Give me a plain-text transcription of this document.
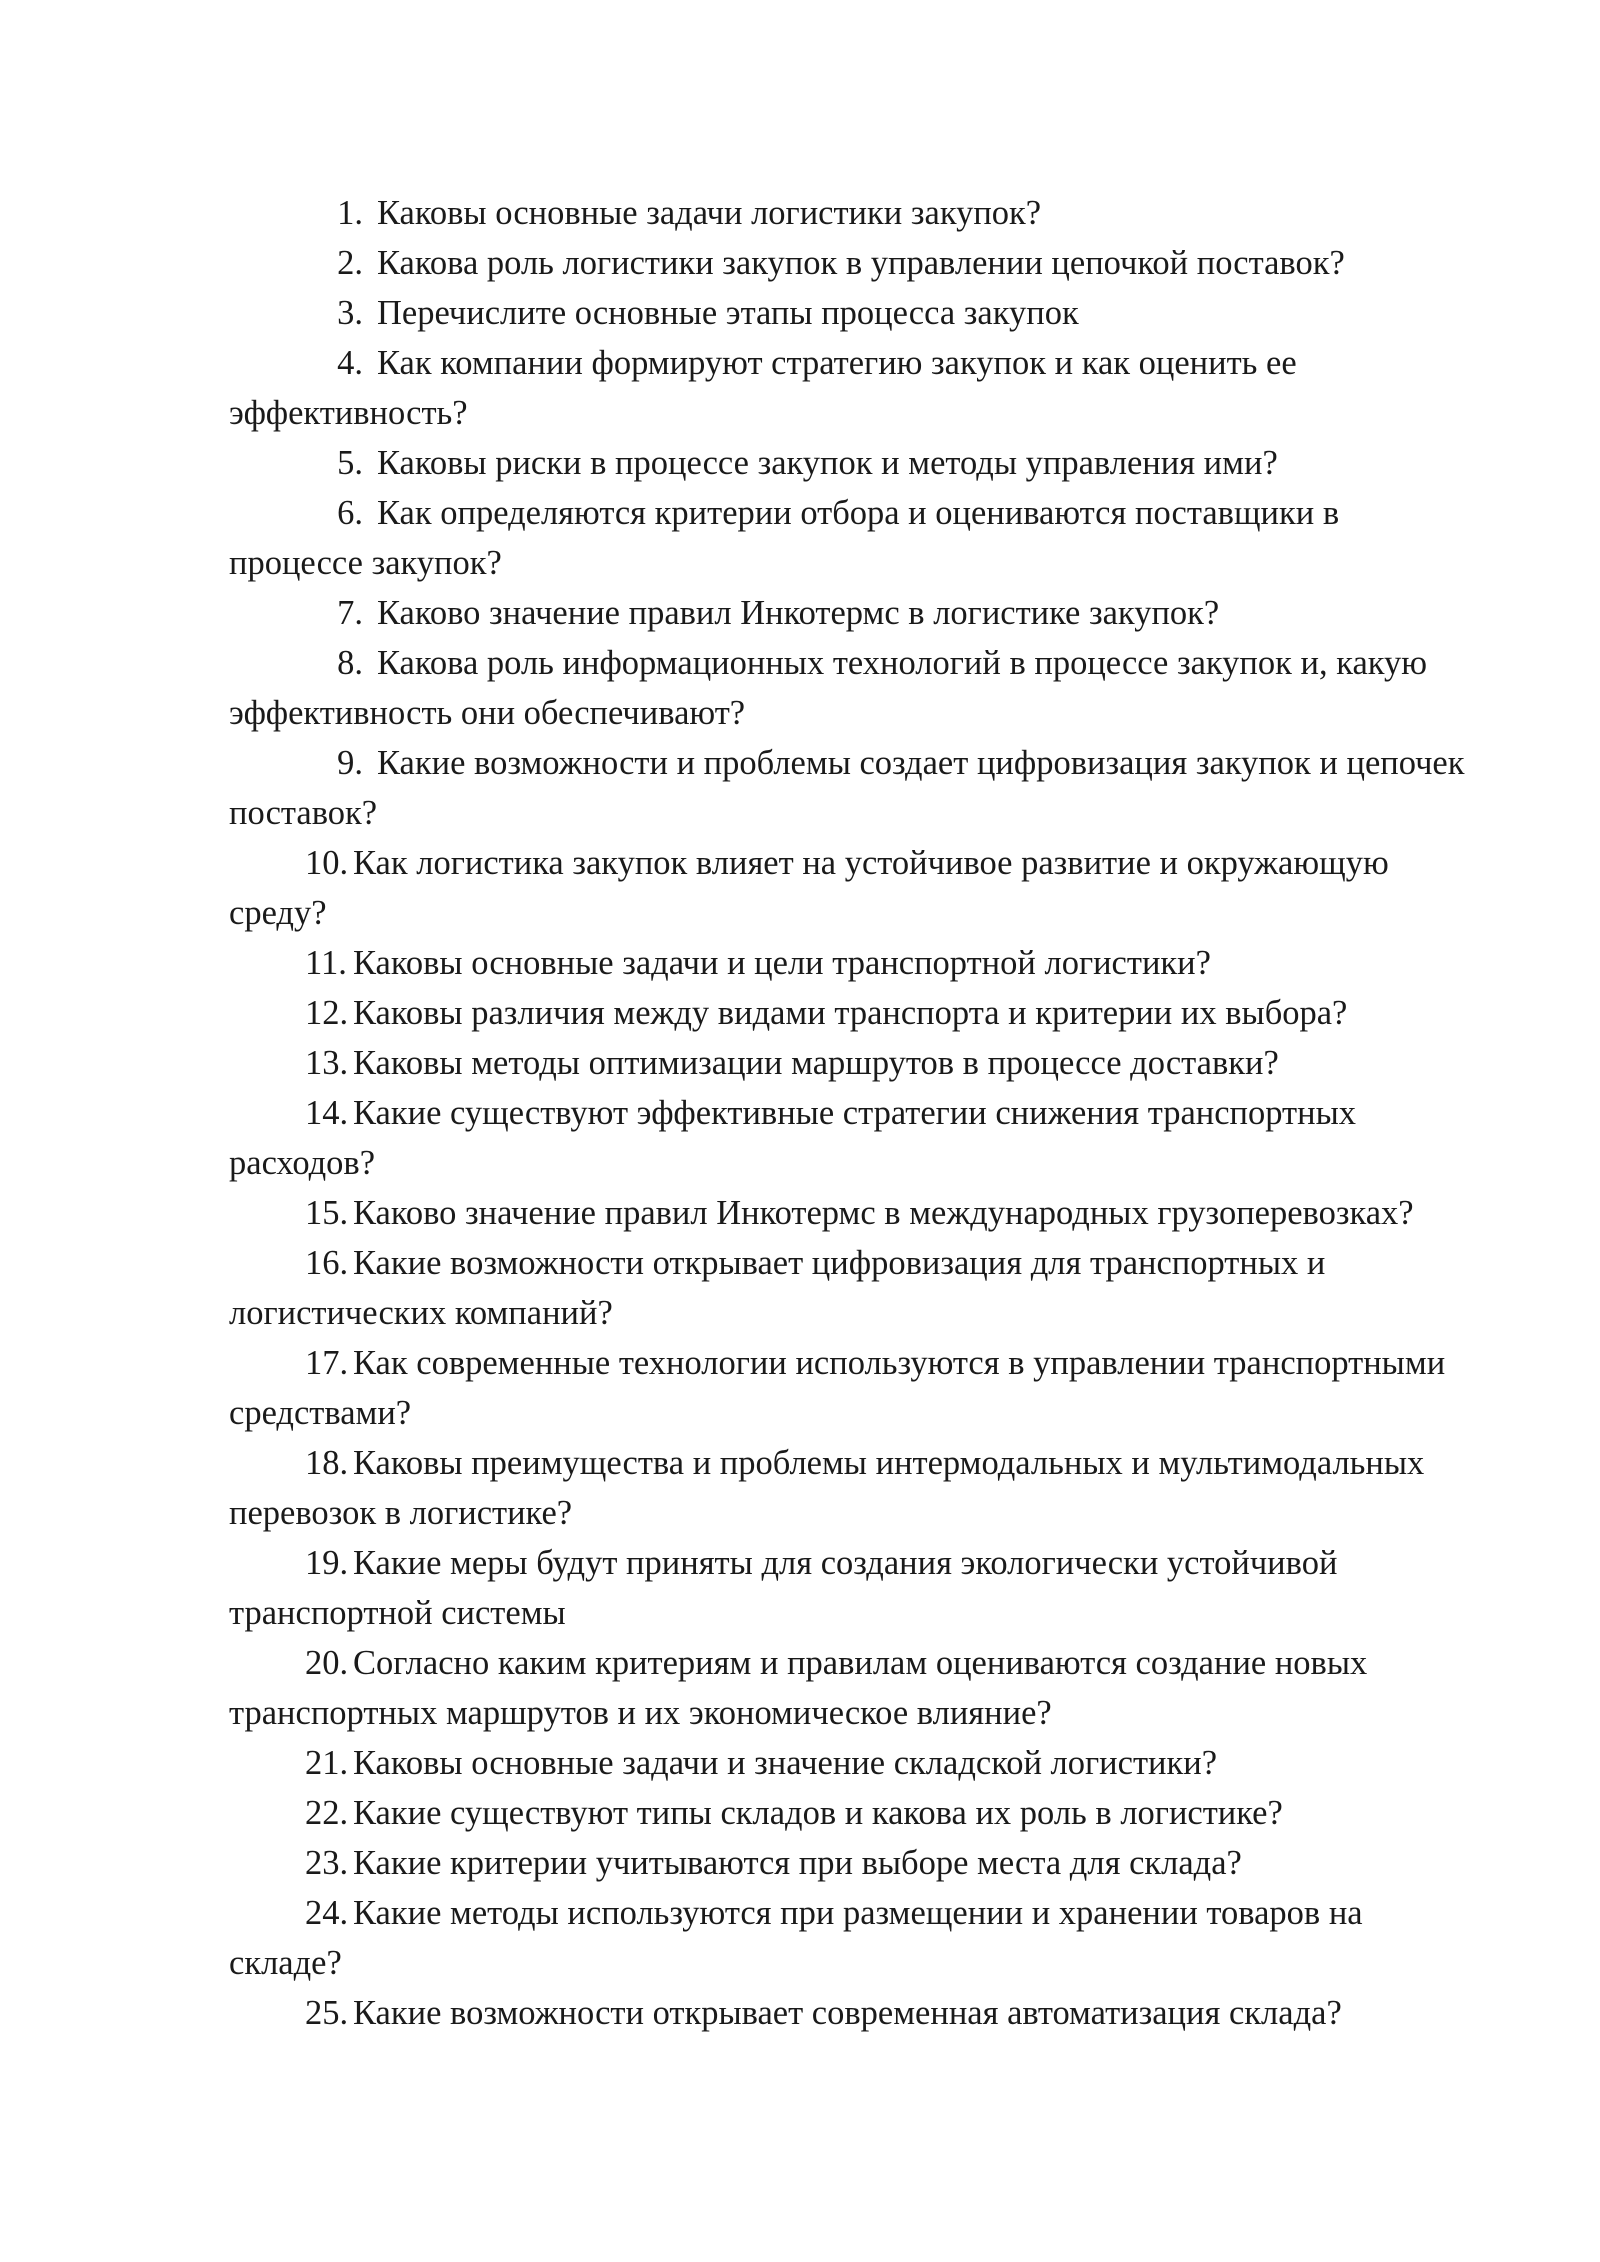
1. Каковы основные задачи логистики закупок?
2. Какова роль логистики закупок в управлении цепочкой поставок?
3. Перечислите основные этапы процесса закупок
4. Как компании формируют стратегию закупок и как оценить ее эффективность?
5. Каковы риски в процессе закупок и методы управления ими?
6. Как определяются критерии отбора и оцениваются поставщики в процессе закупок?
7. Каково значение правил Инкотермс в логистике закупок?
8. Какова роль информационных технологий в процессе закупок и, какую эффективность они обеспечивают?
9. Какие возможности и проблемы создает цифровизация закупок и цепочек поставок?
10. Как логистика закупок влияет на устойчивое развитие и окружающую среду?
11. Каковы основные задачи и цели транспортной логистики?
12. Каковы различия между видами транспорта и критерии их выбора?
13. Каковы методы оптимизации маршрутов в процессе доставки?
14. Какие существуют эффективные стратегии снижения транспортных расходов?
15. Каково значение правил Инкотермс в международных грузоперевозках?
16. Какие возможности открывает цифровизация для транспортных и логистических компаний?
17. Как современные технологии используются в управлении транспортными средствами?
18. Каковы преимущества и проблемы интермодальных и мультимодальных перевозок в логистике?
19. Какие меры будут приняты для создания экологически устойчивой транспортной системы
20. Согласно каким критериям и правилам оцениваются создание новых транспортных маршрутов и их экономическое влияние?
21. Каковы основные задачи и значение складской логистики?
22. Какие существуют типы складов и какова их роль в логистике?
23. Какие критерии учитываются при выборе места для склада?
24. Какие методы используются при размещении и хранении товаров на складе?
25. Какие возможности открывает современная автоматизация склада?
